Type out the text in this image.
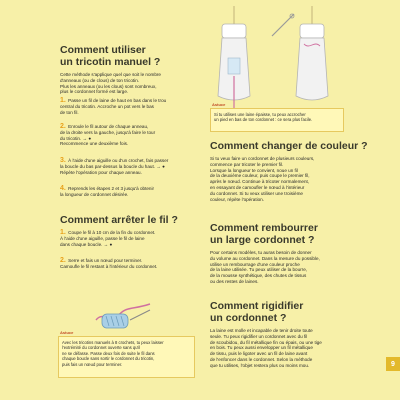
Comment utiliser
un tricotin manuel ?
Cette méthode s'applique quel que soit le nombre
d'anneaux (ou de clous) de ton tricotin.
Plus les anneaux (ou les clous) sont nombreux,
plus le cordonnet formé est large.
1. Passe un fil de laine de haut en bas dans le trou
central du tricotin. Accroche un pot vers le bas
de ton fil.
2. Enroule le fil autour de chaque anneau,
de la droite vers la gauche, jusqu'à faire le tour
du tricotin. → ●
Recommence une deuxième fois.
3. À l'aide d'une aiguille ou d'un crochet, fais passer
la boucle du bas par-dessus la boucle du haut. → ●
Répète l'opération pour chaque anneau.
4. Reprends les étapes 2 et 3 jusqu'à obtenir
la longueur de cordonnet désirée.
Comment arrêter le fil ?
1. Coupe le fil à 10 cm de la fin du cordonnet.
À l'aide d'une aiguille, passe le fil de laine
dans chaque boucle. → ●
2. Serre et fais un nœud pour terminer.
Camoufle le fil restant à l'intérieur du cordonnet.
Astuce
Avec les tricotins manuels à 8 crochets, tu peux laisser
l'extrémité du cordonnet ouverte sans qu'il
ne se défasse. Passe deux fois de suite le fil dans
chaque boucle sans sortir le cordonnet du tricotin,
puis fais un nœud pour terminer.
Astuce
Si tu utilises une laine épaisse, tu peux accrocher
un pied en bas de ton cordonnet : ce sera plus facile.
Comment changer de couleur ?
Si tu veux faire un cordonnet de plusieurs couleurs,
commence par tricoter le premier fil.
Lorsque la longueur te convient, noue un fil
de la deuxième couleur, puis coupe le premier fil,
après le nœud. Continue à tricoter normalement,
en essayant de camoufler le nœud à l'intérieur
du cordonnet. Si tu veux utiliser une troisième
couleur, répète l'opération.
Comment rembourrer
un large cordonnet ?
Pour certains modèles, tu auras besoin de donner
du volume au cordonnet. Dans la mesure du possible,
utilise un rembourrage d'une couleur proche
de la laine utilisée. Tu peux utiliser de la bourre,
de la mousse synthétique, des chutes de tissus
ou des restes de laines.
Comment rigidifier
un cordonnet ?
La laine est molle et incapable de tenir droite toute
seule. Tu peux rigidifier un cordonnet avec du fil
de scoubidou, du fil métallique fin ou épais, ou une tige
en bois. Tu peux aussi envelopper un fil métallique
de tissu, puis le ligoter avec un fil de laine avant
de l'enfoncer dans le cordonnet. Selon la méthode
que tu utilises, l'objet restera plus ou moins mou.	9
